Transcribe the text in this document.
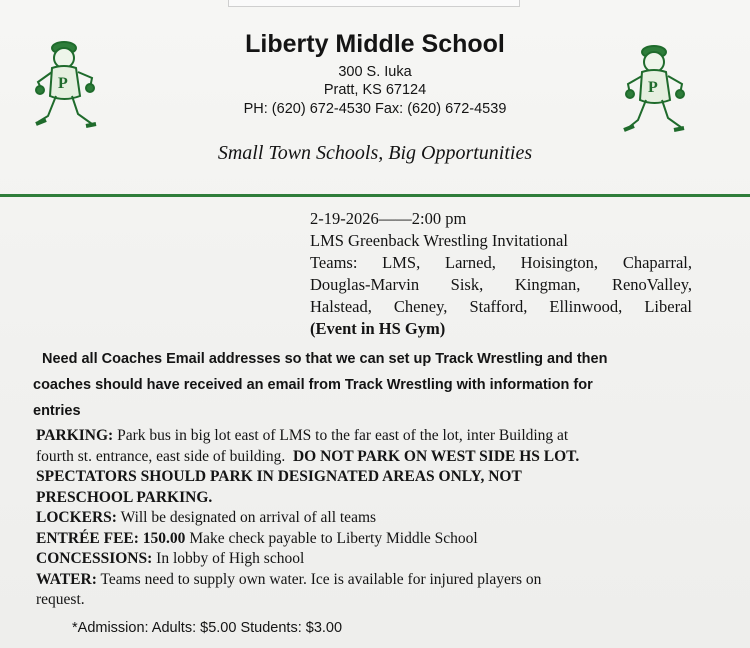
P	P
Liberty Middle School
300 S. Iuka
Pratt, KS 67124
PH: (620) 672-4530 Fax: (620) 672-4539
Small Town Schools, Big Opportunities
2-19-2026——2:00 pm
LMS Greenback Wrestling Invitational
Teams: LMS, Larned, Hoisington, Chaparral,
Douglas-Marvin Sisk, Kingman, RenoValley,
Halstead, Cheney, Stafford, Ellinwood, Liberal
(Event in HS Gym)
Need all Coaches Email addresses so that we can set up Track Wrestling and then
coaches should have received an email from Track Wrestling with information for
entries
PARKING: Park bus in big lot east of LMS to the far east of the lot, inter Building at
fourth st. entrance, east side of building. DO NOT PARK ON WEST SIDE HS LOT.
SPECTATORS SHOULD PARK IN DESIGNATED AREAS ONLY, NOT
PRESCHOOL PARKING.
LOCKERS: Will be designated on arrival of all teams
ENTRÉE FEE: 150.00 Make check payable to Liberty Middle School
CONCESSIONS: In lobby of High school
WATER: Teams need to supply own water. Ice is available for injured players on
request.
*Admission: Adults: $5.00 Students: $3.00
